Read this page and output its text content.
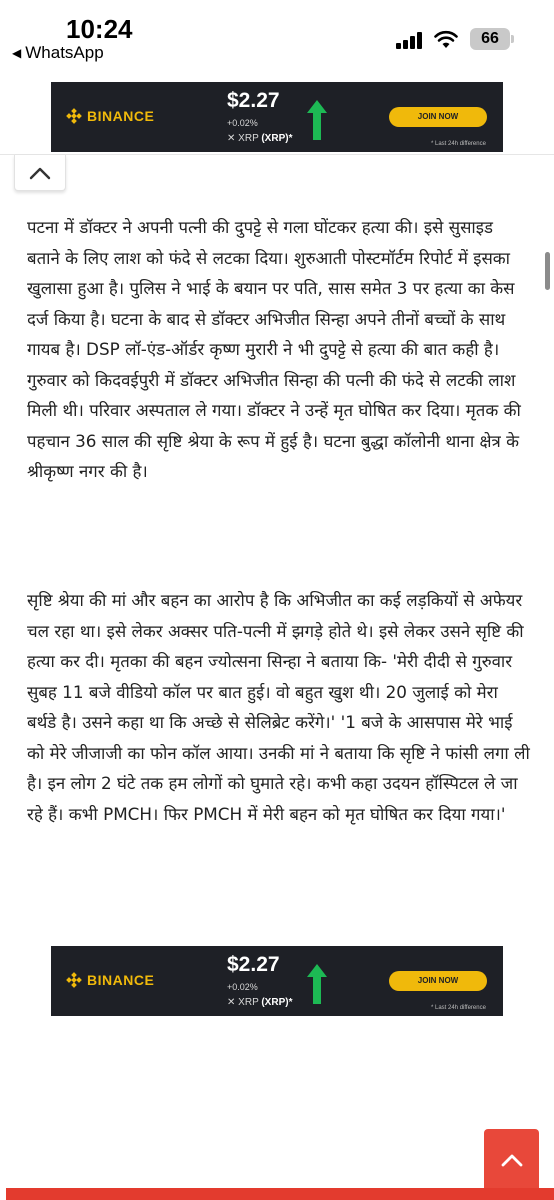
10:24
◀ WhatsApp
66
BINANCE
$2.27
+0.02%
✕ XRP (XRP)*
JOIN NOW
* Last 24h difference
पटना में डॉक्टर ने अपनी पत्नी की दुपट्टे से गला घोंटकर हत्या की। इसे सुसाइड बताने के लिए लाश को फंदे से लटका दिया। शुरुआती पोस्टमॉर्टम रिपोर्ट में इसका खुलासा हुआ है। पुलिस ने भाई के बयान पर पति, सास समेत 3 पर हत्या का केस दर्ज किया है। घटना के बाद से डॉक्टर अभिजीत सिन्हा अपने तीनों बच्चों के साथ गायब है। DSP लॉ-एंड-ऑर्डर कृष्ण मुरारी ने भी दुपट्टे से हत्या की बात कही है। गुरुवार को किदवईपुरी में डॉक्टर अभिजीत सिन्हा की पत्नी की फंदे से लटकी लाश मिली थी। परिवार अस्पताल ले गया। डॉक्टर ने उन्हें मृत घोषित कर दिया। मृतक की पहचान 36 साल की सृष्टि श्रेया के रूप में हुई है। घटना बुद्धा कॉलोनी थाना क्षेत्र के श्रीकृष्ण नगर की है।
सृष्टि श्रेया की मां और बहन का आरोप है कि अभिजीत का कई लड़कियों से अफेयर चल रहा था। इसे लेकर अक्सर पति-पत्नी में झगड़े होते थे। इसे लेकर उसने सृष्टि की हत्या कर दी। मृतका की बहन ज्योत्सना सिन्हा ने बताया कि- 'मेरी दीदी से गुरुवार सुबह 11 बजे वीडियो कॉल पर बात हुई। वो बहुत खुश थी। 20 जुलाई को मेरा बर्थडे है। उसने कहा था कि अच्छे से सेलिब्रेट करेंगे।' '1 बजे के आसपास मेरे भाई को मेरे जीजाजी का फोन कॉल आया। उनकी मां ने बताया कि सृष्टि ने फांसी लगा ली है। इन लोग 2 घंटे तक हम लोगों को घुमाते रहे। कभी कहा उदयन हॉस्पिटल ले जा रहे हैं। कभी PMCH। फिर PMCH में मेरी बहन को मृत घोषित कर दिया गया।'
BINANCE
$2.27
+0.02%
✕ XRP (XRP)*
JOIN NOW
* Last 24h difference
